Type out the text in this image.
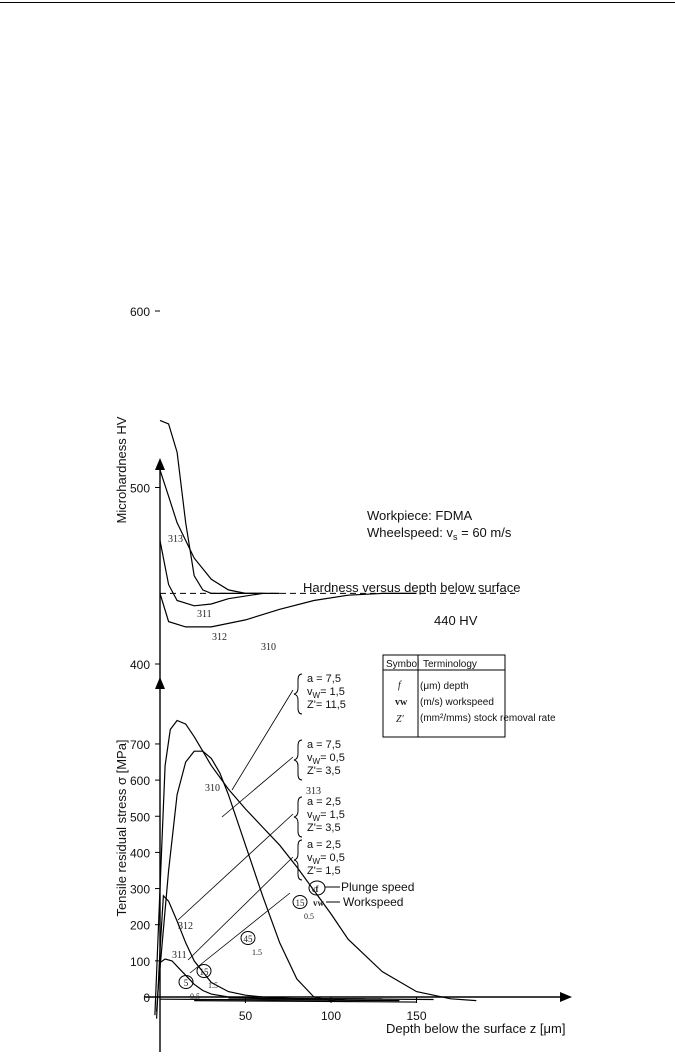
600
500
400
0
100
200
300
400
500
600
700
50	100	150
313
311
312
310
313
310
312
311
a = 7,5
$v_W= 1,5$
Z'= 11,5
a = 7,5
$v_W= 0,5$
Z'= 3,5
a = 2,5
$v_W= 1,5$
Z'= 3,5
a = 2,5
$v_W= 0,5$
Z'= 1,5
5
0.5
15
1.5
45
1.5
15
0.5
Microhardness HV	Workpiece: FDMA
Wheelspeed: $v_s = 60$ m/s
Hardness versus depth below surface
440 HV
Tensile residual stress σ [MPa]
Depth below the surface z [μm]
Symbol Terminology
f (μm) depth
vw (m/s) workspeed
Z' (mm²/mms) stock removal rate
vf Plunge speed
vw Workspeed
